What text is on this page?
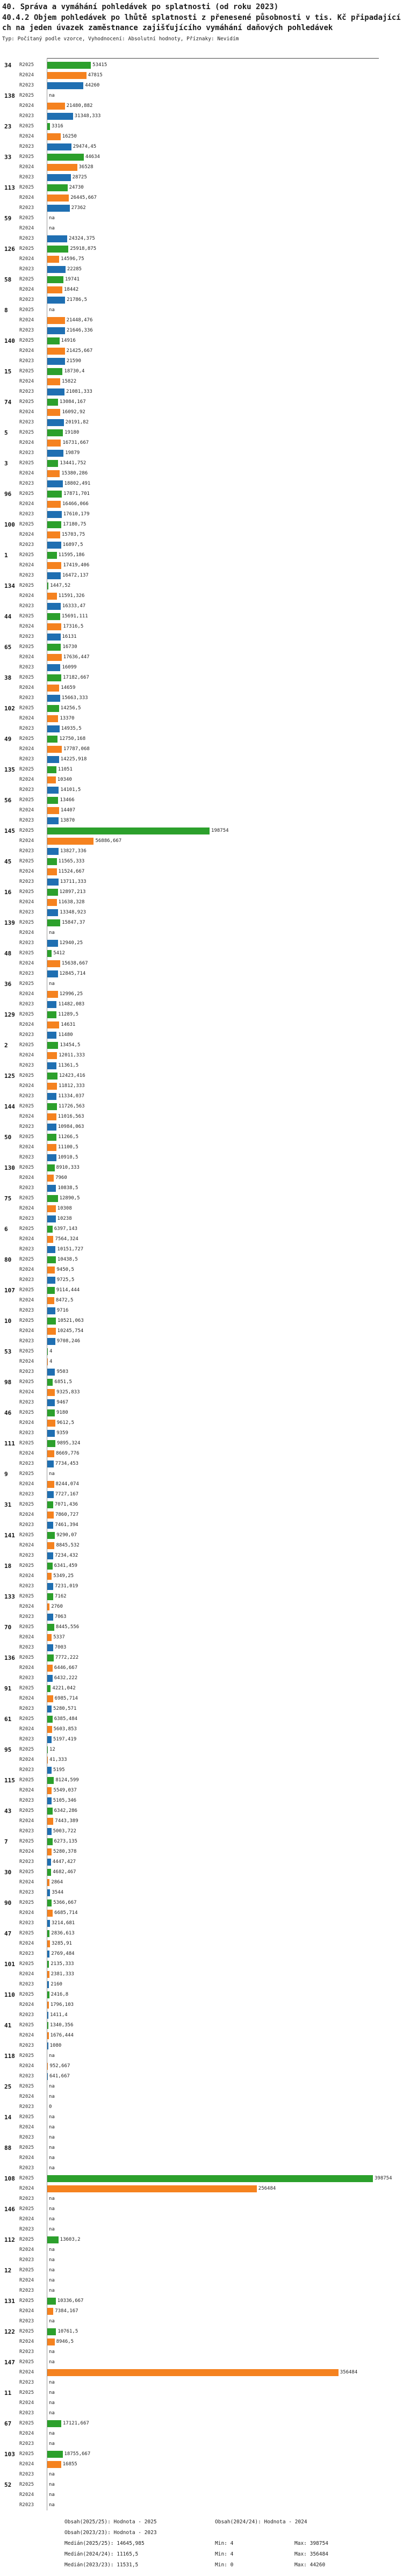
40. Správa a vymáhání pohledávek po splatnosti (od roku 2023)
40.4.2 Objem pohledávek po lhůtě splatnosti z přenesené působnosti v tis. Kč připadajících na jeden úvazek zaměstnance zajišťujícího vymáhání daňových pohledávek
Typ: Počítaný podle vzorce, Vyhodnocení: Absolutní hodnoty, Příznaky: Nevidím
34 R2025	53415
R2024	47815
R2023	44260
138 R2025	na
R2024	21480,882
R2023	31348,333
23 R2025	3316
R2024	16250
R2023	29474,45
33 R2025	44634
R2024	36528
R2023	28725
113 R2025	24730
R2024	26445,667
R2023	27362
59 R2025	na
R2024	na
R2023	24324,375
126 R2025	25918,875
R2024	14596,75
R2023	22285
58 R2025	19741
R2024	18442
R2023	21786,5
8 R2025	na
R2024	21448,476
R2023	21646,336
140 R2025	14916
R2024	21425,667
R2023	21590
15 R2025	18730,4
R2024	15822
R2023	21081,333
74 R2025	13084,167
R2024	16092,92
R2023	20191,82
5 R2025	19180
R2024	16731,667
R2023	19879
3 R2025	13441,752
R2024	15380,286
R2023	18802,491
96 R2025	17871,701
R2024	16466,066
R2023	17610,179
100 R2025	17180,75
R2024	15703,75
R2023	16897,5
1 R2025	11595,186
R2024	17419,406
R2023	16472,137
134 R2025	1447,52
R2024	11591,326
R2023	16333,47
44 R2025	15691,111
R2024	17316,5
R2023	16131
65 R2025	16730
R2024	17636,447
R2023	16099
38 R2025	17182,667
R2024	14659
R2023	15663,333
102 R2025	14256,5
R2024	13370
R2023	14935,5
49 R2025	12750,168
R2024	17787,068
R2023	14225,918
135 R2025	11051
R2024	10340
R2023	14101,5
56 R2025	13466
R2024	14407
R2023	13870
145 R2025	198754
R2024	56886,667
R2023	13827,336
45 R2025	11565,333
R2024	11524,667
R2023	13711,333
16 R2025	12897,213
R2024	11638,328
R2023	13348,923
139 R2025	15847,37
R2024	na
R2023	12940,25
48 R2025	5412
R2024	15638,667
R2023	12845,714
36 R2025	na
R2024	12996,25
R2023	11482,083
129 R2025	11289,5
R2024	14631
R2023	11480
2 R2025	13454,5
R2024	12011,333
R2023	11361,5
125 R2025	12423,416
R2024	11812,333
R2023	11334,037
144 R2025	11726,563
R2024	11016,563
R2023	10984,063
50 R2025	11266,5
R2024	11100,5
R2023	10910,5
130 R2025	8910,333
R2024	7960
R2023	10838,5
75 R2025	12890,5
R2024	10308
R2023	10238
6 R2025	6397,143
R2024	7564,324
R2023	10151,727
80 R2025	10438,5
R2024	9450,5
R2023	9725,5
107 R2025	9114,444
R2024	8472,5
R2023	9716
10 R2025	10521,063
R2024	10245,754
R2023	9708,246
53 R2025	4
R2024	4
R2023	9503
98 R2025	6851,5
R2024	9325,833
R2023	9467
46 R2025	9180
R2024	9612,5
R2023	9359
111 R2025	9895,324
R2024	8669,776
R2023	7734,453
9 R2025	na
R2024	8244,074
R2023	7727,167
31 R2025	7071,436
R2024	7860,727
R2023	7461,394
141 R2025	9290,07
R2024	8845,532
R2023	7234,432
18 R2025	6341,459
R2024	5349,25
R2023	7231,019
133 R2025	7162
R2024	2760
R2023	7063
70 R2025	8445,556
R2024	5337
R2023	7003
136 R2025	7772,222
R2024	6446,667
R2023	6432,222
91 R2025	4221,042
R2024	6985,714
R2023	5280,571
61 R2025	6385,484
R2024	5603,853
R2023	5197,419
95 R2025	12
R2024	41,333
R2023	5195
115 R2025	8124,599
R2024	5549,037
R2023	5105,346
43 R2025	6342,286
R2024	7443,389
R2023	5003,722
7 R2025	6273,135
R2024	5280,378
R2023	4447,427
30 R2025	4682,467
R2024	2864
R2023	3544
90 R2025	5366,667
R2024	6685,714
R2023	3214,681
47 R2025	2836,613
R2024	3285,91
R2023	2769,484
101 R2025	2135,333
R2024	2381,333
R2023	2160
110 R2025	2416,8
R2024	1796,103
R2023	1411,4
41 R2025	1340,356
R2024	1676,444
R2023	1080
118 R2025	na
R2024	952,667
R2023	641,667
25 R2025	na
R2024	na
R2023	0
14 R2025	na
R2024	na
R2023	na
88 R2025	na
R2024	na
R2023	na
108 R2025	398754
R2024	256484
R2023	na
146 R2025	na
R2024	na
R2023	na
112 R2025	13603,2
R2024	na
R2023	na
12 R2025	na
R2024	na
R2023	na
131 R2025	10336,667
R2024	7384,167
R2023	na
122 R2025	10761,5
R2024	8946,5
R2023	na
147 R2025	na
R2024	356484
R2023	na
11 R2025	na
R2024	na
R2023	na
67 R2025	17121,667
R2024	na
R2023	na
103 R2025	18755,667
R2024	16855
R2023	na
52 R2025	na
R2024	na
R2023	na
Obsah(2025/25): Hodnota - 2025	Obsah(2024/24): Hodnota - 2024
Obsah(2023/23): Hodnota - 2023
Medián(2025/25): 14645,985	Min: 4	Max: 398754
Medián(2024/24): 11165,5	Min: 4	Max: 356484
Medián(2023/23): 11531,5	Min: 0	Max: 44260
